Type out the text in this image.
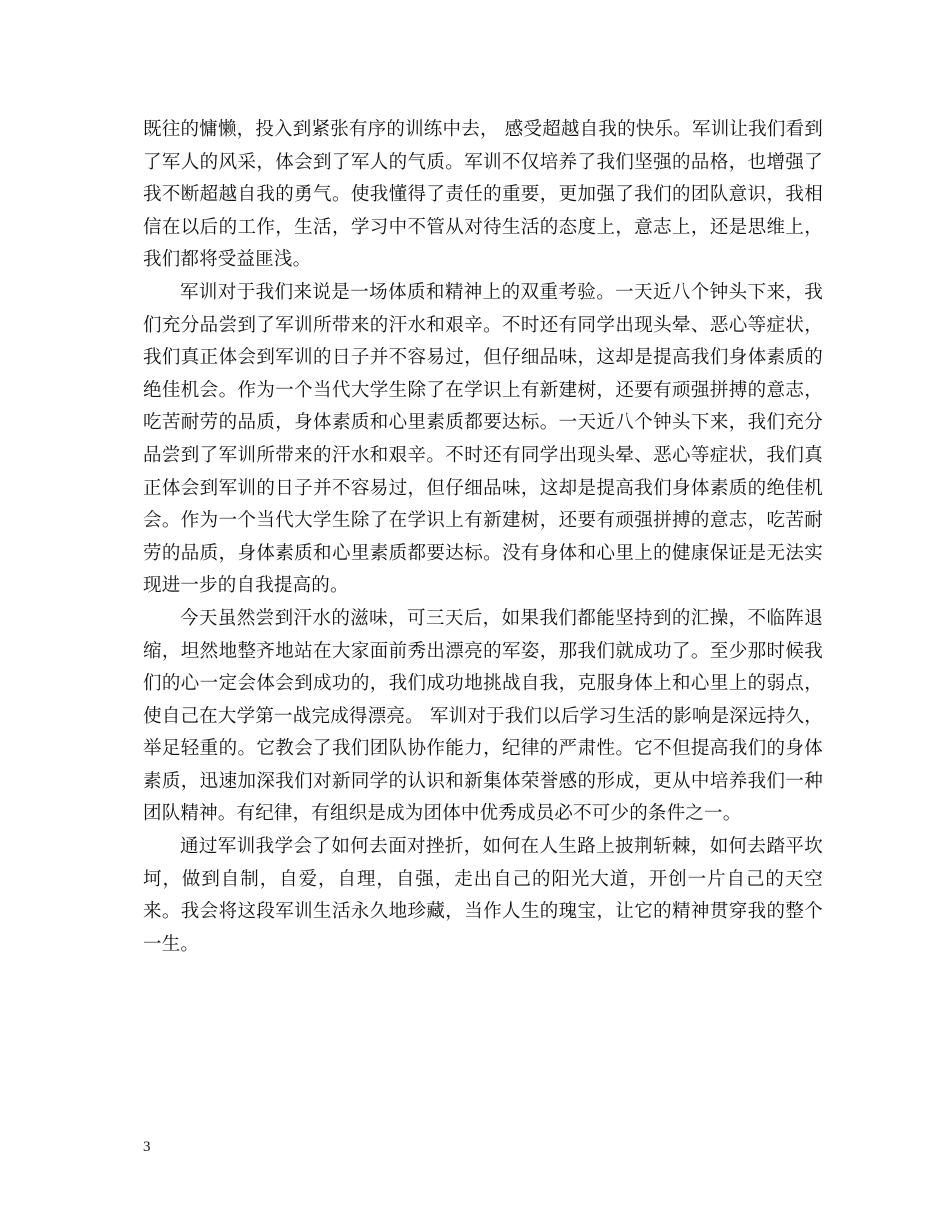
既往的慵懒，投入到紧张有序的训练中去， 感受超越自我的快乐。军训让我们看到了军人的风采，体会到了军人的气质。军训不仅培养了我们坚强的品格，也增强了我不断超越自我的勇气。使我懂得了责任的重要，更加强了我们的团队意识，我相信在以后的工作，生活，学习中不管从对待生活的态度上，意志上，还是思维上，我们都将受益匪浅。

军训对于我们来说是一场体质和精神上的双重考验。一天近八个钟头下来，我们充分品尝到了军训所带来的汗水和艰辛。不时还有同学出现头晕、恶心等症状，我们真正体会到军训的日子并不容易过，但仔细品味，这却是提高我们身体素质的绝佳机会。作为一个当代大学生除了在学识上有新建树，还要有顽强拼搏的意志，吃苦耐劳的品质，身体素质和心里素质都要达标。一天近八个钟头下来，我们充分品尝到了军训所带来的汗水和艰辛。不时还有同学出现头晕、恶心等症状，我们真正体会到军训的日子并不容易过，但仔细品味，这却是提高我们身体素质的绝佳机会。作为一个当代大学生除了在学识上有新建树，还要有顽强拼搏的意志，吃苦耐劳的品质，身体素质和心里素质都要达标。没有身体和心里上的健康保证是无法实现进一步的自我提高的。

今天虽然尝到汗水的滋味，可三天后，如果我们都能坚持到的汇操，不临阵退缩，坦然地整齐地站在大家面前秀出漂亮的军姿，那我们就成功了。至少那时候我们的心一定会体会到成功的，我们成功地挑战自我，克服身体上和心里上的弱点，使自己在大学第一战完成得漂亮。 军训对于我们以后学习生活的影响是深远持久，举足轻重的。它教会了我们团队协作能力，纪律的严肃性。它不但提高我们的身体素质，迅速加深我们对新同学的认识和新集体荣誉感的形成，更从中培养我们一种团队精神。有纪律，有组织是成为团体中优秀成员必不可少的条件之一。

通过军训我学会了如何去面对挫折，如何在人生路上披荆斩棘，如何去踏平坎坷，做到自制，自爱，自理，自强，走出自己的阳光大道，开创一片自己的天空来。我会将这段军训生活永久地珍藏，当作人生的瑰宝，让它的精神贯穿我的整个一生。

3
